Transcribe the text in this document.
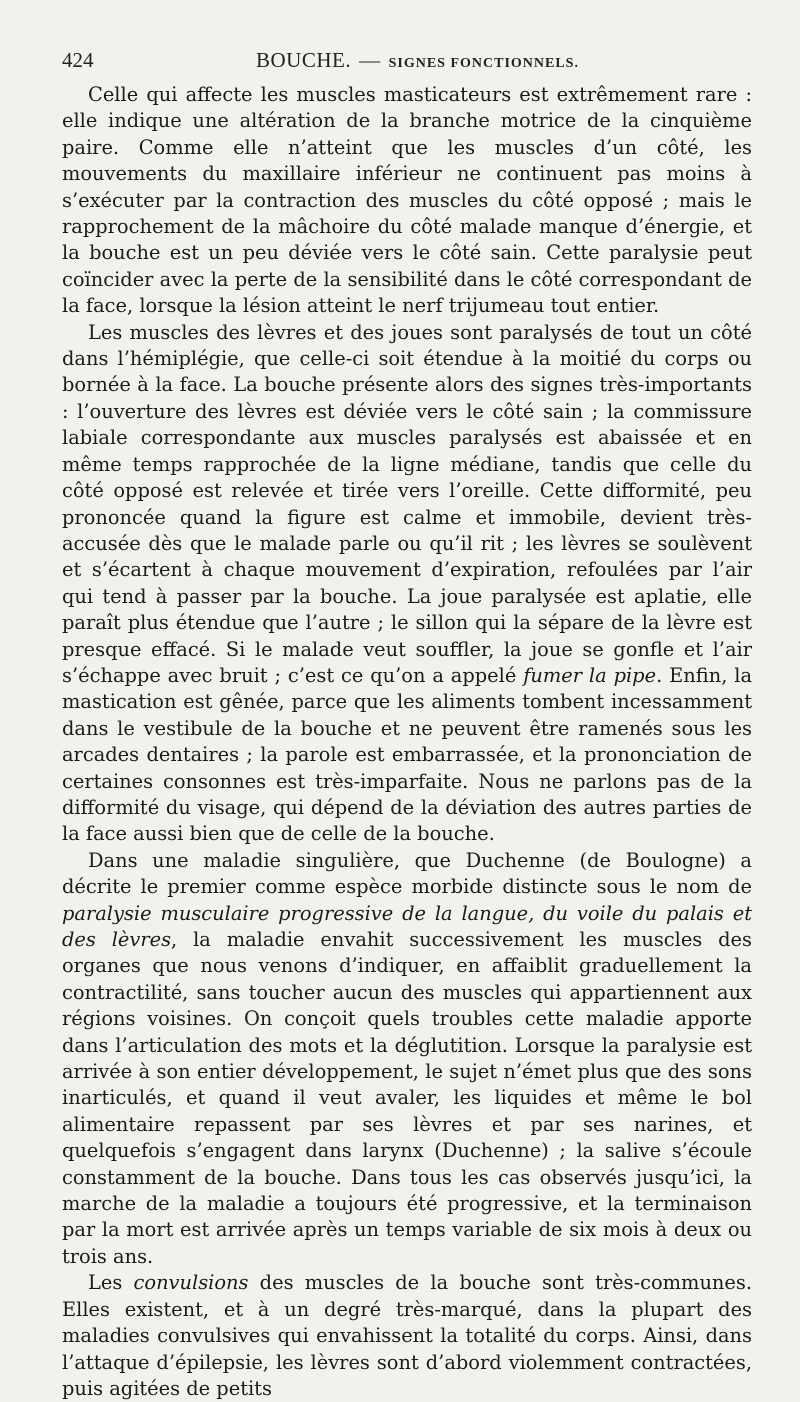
424	BOUCHE. — SIGNES FONCTIONNELS.

Celle qui affecte les muscles masticateurs est extrêmement rare : elle indique une altération de la branche motrice de la cinquième paire. Comme elle n’atteint que les muscles d’un côté, les mouvements du maxillaire inférieur ne continuent pas moins à s’exécuter par la contraction des muscles du côté opposé ; mais le rapprochement de la mâchoire du côté malade manque d’énergie, et la bouche est un peu déviée vers le côté sain. Cette paralysie peut coïncider avec la perte de la sensibilité dans le côté correspondant de la face, lorsque la lésion atteint le nerf trijumeau tout entier.

Les muscles des lèvres et des joues sont paralysés de tout un côté dans l’hémiplégie, que celle-ci soit étendue à la moitié du corps ou bornée à la face. La bouche présente alors des signes très-importants : l’ouverture des lèvres est déviée vers le côté sain ; la commissure labiale correspondante aux muscles paralysés est abaissée et en même temps rapprochée de la ligne médiane, tandis que celle du côté opposé est relevée et tirée vers l’oreille. Cette difformité, peu prononcée quand la figure est calme et immobile, devient très-accusée dès que le malade parle ou qu’il rit ; les lèvres se soulèvent et s’écartent à chaque mouvement d’expiration, refoulées par l’air qui tend à passer par la bouche. La joue paralysée est aplatie, elle paraît plus étendue que l’autre ; le sillon qui la sépare de la lèvre est presque effacé. Si le malade veut souffler, la joue se gonfle et l’air s’échappe avec bruit ; c’est ce qu’on a appelé fumer la pipe. Enfin, la mastication est gênée, parce que les aliments tombent incessamment dans le vestibule de la bouche et ne peuvent être ramenés sous les arcades dentaires ; la parole est embarrassée, et la prononciation de certaines consonnes est très-imparfaite. Nous ne parlons pas de la difformité du visage, qui dépend de la déviation des autres parties de la face aussi bien que de celle de la bouche.

Dans une maladie singulière, que Duchenne (de Boulogne) a décrite le premier comme espèce morbide distincte sous le nom de paralysie musculaire progressive de la langue, du voile du palais et des lèvres, la maladie envahit successivement les muscles des organes que nous venons d’indiquer, en affaiblit graduellement la contractilité, sans toucher aucun des muscles qui appartiennent aux régions voisines. On conçoit quels troubles cette maladie apporte dans l’articulation des mots et la déglutition. Lorsque la paralysie est arrivée à son entier développement, le sujet n’émet plus que des sons inarticulés, et quand il veut avaler, les liquides et même le bol alimentaire repassent par ses lèvres et par ses narines, et quelquefois s’engagent dans larynx (Duchenne) ; la salive s’écoule constamment de la bouche. Dans tous les cas observés jusqu’ici, la marche de la maladie a toujours été progressive, et la terminaison par la mort est arrivée après un temps variable de six mois à deux ou trois ans.

Les convulsions des muscles de la bouche sont très-communes. Elles existent, et à un degré très-marqué, dans la plupart des maladies convulsives qui envahissent la totalité du corps. Ainsi, dans l’attaque d’épilepsie, les lèvres sont d’abord violemment contractées, puis agitées de petits
